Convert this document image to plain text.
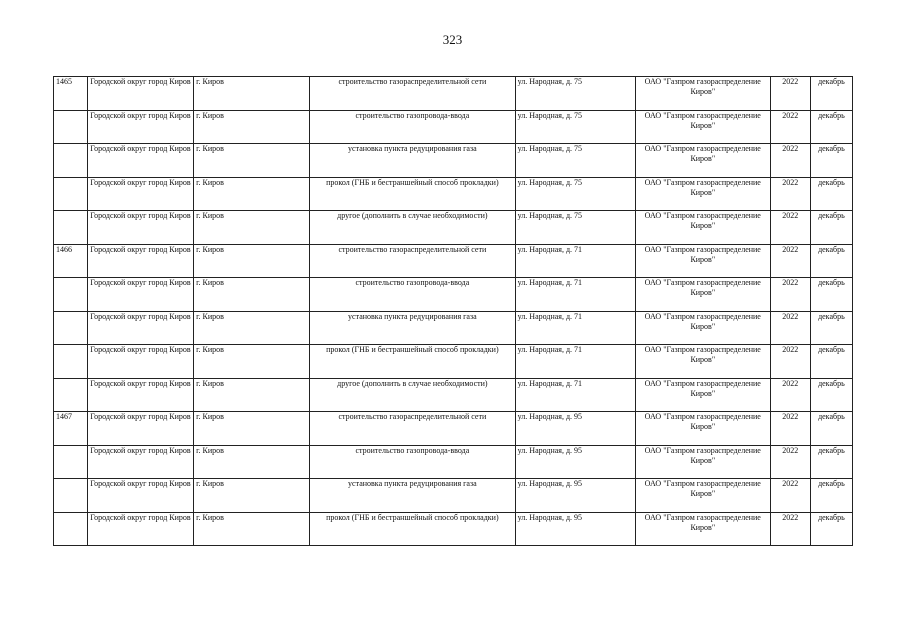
323
1465	Городской округ город Киров	г. Киров	строительство газораспределительной сети	ул. Народная, д. 75	ОАО "Газпром газораспределение Киров"	2022	декабрь
	Городской округ город Киров	г. Киров	строительство газопровода-ввода	ул. Народная, д. 75	ОАО "Газпром газораспределение Киров"	2022	декабрь
	Городской округ город Киров	г. Киров	установка пункта редуцирования газа	ул. Народная, д. 75	ОАО "Газпром газораспределение Киров"	2022	декабрь
	Городской округ город Киров	г. Киров	прокол (ГНБ и бестраншейный способ прокладки)	ул. Народная, д. 75	ОАО "Газпром газораспределение Киров"	2022	декабрь
	Городской округ город Киров	г. Киров	другое (дополнить в случае необходимости)	ул. Народная, д. 75	ОАО "Газпром газораспределение Киров"	2022	декабрь
1466	Городской округ город Киров	г. Киров	строительство газораспределительной сети	ул. Народная, д. 71	ОАО "Газпром газораспределение Киров"	2022	декабрь
	Городской округ город Киров	г. Киров	строительство газопровода-ввода	ул. Народная, д. 71	ОАО "Газпром газораспределение Киров"	2022	декабрь
	Городской округ город Киров	г. Киров	установка пункта редуцирования газа	ул. Народная, д. 71	ОАО "Газпром газораспределение Киров"	2022	декабрь
	Городской округ город Киров	г. Киров	прокол (ГНБ и бестраншейный способ прокладки)	ул. Народная, д. 71	ОАО "Газпром газораспределение Киров"	2022	декабрь
	Городской округ город Киров	г. Киров	другое (дополнить в случае необходимости)	ул. Народная, д. 71	ОАО "Газпром газораспределение Киров"	2022	декабрь
1467	Городской округ город Киров	г. Киров	строительство газораспределительной сети	ул. Народная, д. 95	ОАО "Газпром газораспределение Киров"	2022	декабрь
	Городской округ город Киров	г. Киров	строительство газопровода-ввода	ул. Народная, д. 95	ОАО "Газпром газораспределение Киров"	2022	декабрь
	Городской округ город Киров	г. Киров	установка пункта редуцирования газа	ул. Народная, д. 95	ОАО "Газпром газораспределение Киров"	2022	декабрь
	Городской округ город Киров	г. Киров	прокол (ГНБ и бестраншейный способ прокладки)	ул. Народная, д. 95	ОАО "Газпром газораспределение Киров"	2022	декабрь
